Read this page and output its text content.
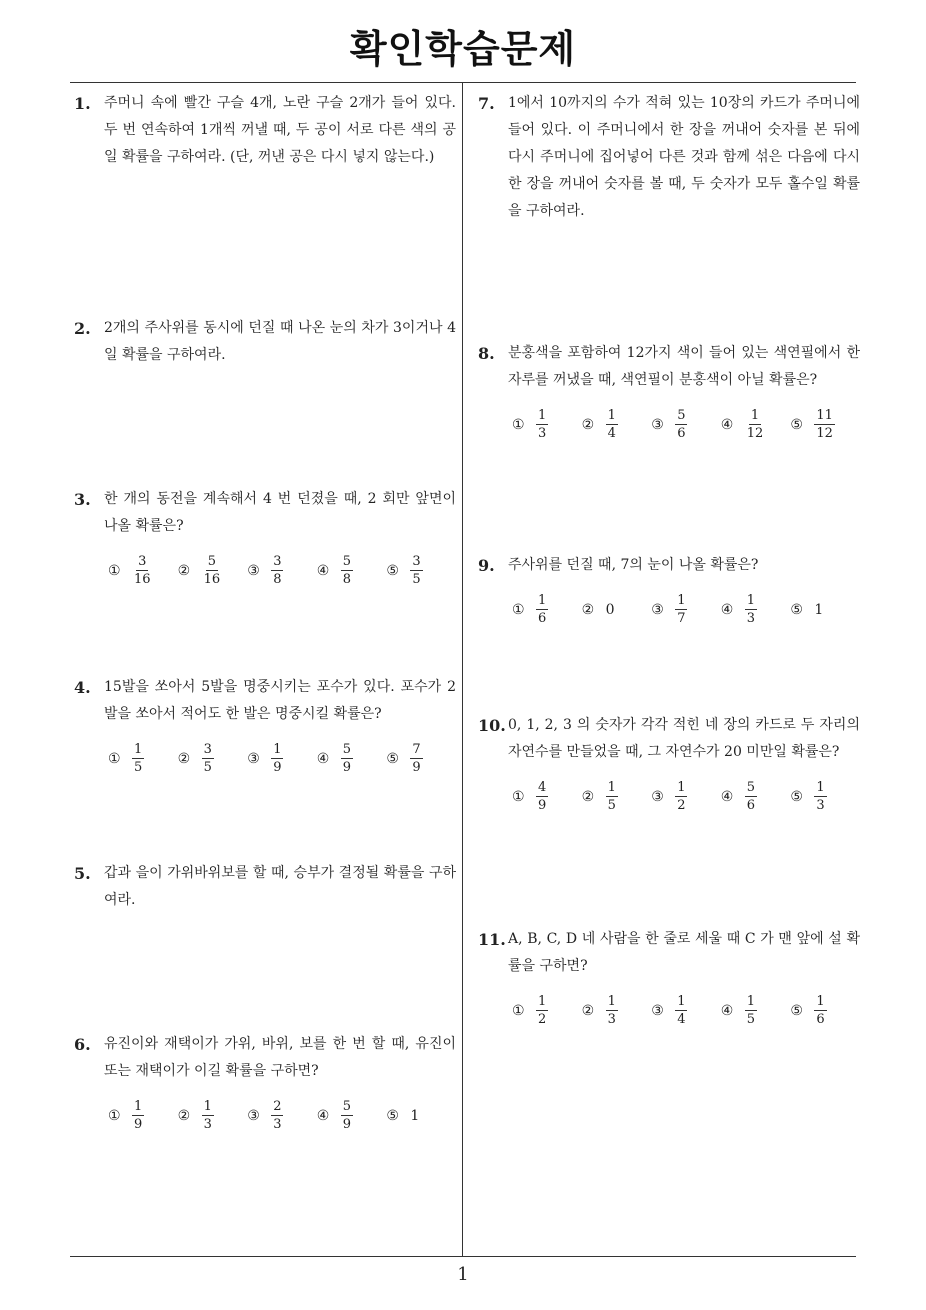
확인학습문제
1. 주머니 속에 빨간 구슬 4개, 노란 구슬 2개가 들어 있다. 두 번 연속하여 1개씩 꺼낼 때, 두 공이 서로 다른 색의 공일 확률을 구하여라. (단, 꺼낸 공은 다시 넣지 않는다.)
2. 2개의 주사위를 동시에 던질 때 나온 눈의 차가 3이거나 4일 확률을 구하여라.
3. 한 개의 동전을 계속해서 4 번 던졌을 때, 2 회만 앞면이 나올 확률은?
① $\frac{3}{16}$ ② $\frac{5}{16}$ ③ $\frac{3}{8}$ ④ $\frac{5}{8}$ ⑤ $\frac{3}{5}$
4. 15발을 쏘아서 5발을 명중시키는 포수가 있다. 포수가 2발을 쏘아서 적어도 한 발은 명중시킬 확률은?
① $\frac{1}{5}$ ② $\frac{3}{5}$ ③ $\frac{1}{9}$ ④ $\frac{5}{9}$ ⑤ $\frac{7}{9}$
5. 갑과 을이 가위바위보를 할 때, 승부가 결정될 확률을 구하여라.
6. 유진이와 재택이가 가위, 바위, 보를 한 번 할 때, 유진이 또는 재택이가 이길 확률을 구하면?
① $\frac{1}{9}$ ② $\frac{1}{3}$ ③ $\frac{2}{3}$ ④ $\frac{5}{9}$ ⑤ 1
7. 1에서 10까지의 수가 적혀 있는 10장의 카드가 주머니에 들어 있다. 이 주머니에서 한 장을 꺼내어 숫자를 본 뒤에 다시 주머니에 집어넣어 다른 것과 함께 섞은 다음에 다시 한 장을 꺼내어 숫자를 볼 때, 두 숫자가 모두 홀수일 확률을 구하여라.
8. 분홍색을 포함하여 12가지 색이 들어 있는 색연필에서 한 자루를 꺼냈을 때, 색연필이 분홍색이 아닐 확률은?
① $\frac{1}{3}$ ② $\frac{1}{4}$ ③ $\frac{5}{6}$ ④ $\frac{1}{12}$ ⑤ $\frac{11}{12}$
9. 주사위를 던질 때, 7의 눈이 나올 확률은?
① $\frac{1}{6}$ ② 0	③ $\frac{1}{7}$ ④ $\frac{1}{3}$ ⑤ 1
10. 0, 1, 2, 3 의 숫자가 각각 적힌 네 장의 카드로 두 자리의 자연수를 만들었을 때, 그 자연수가 20 미만일 확률은?
① $\frac{4}{9}$ ② $\frac{1}{5}$ ③ $\frac{1}{2}$ ④ $\frac{5}{6}$ ⑤ $\frac{1}{3}$
11. A, B, C, D 네 사람을 한 줄로 세울 때 C 가 맨 앞에 설 확률을 구하면?
① $\frac{1}{2}$ ② $\frac{1}{3}$ ③ $\frac{1}{4}$ ④ $\frac{1}{5}$ ⑤ $\frac{1}{6}$
1
